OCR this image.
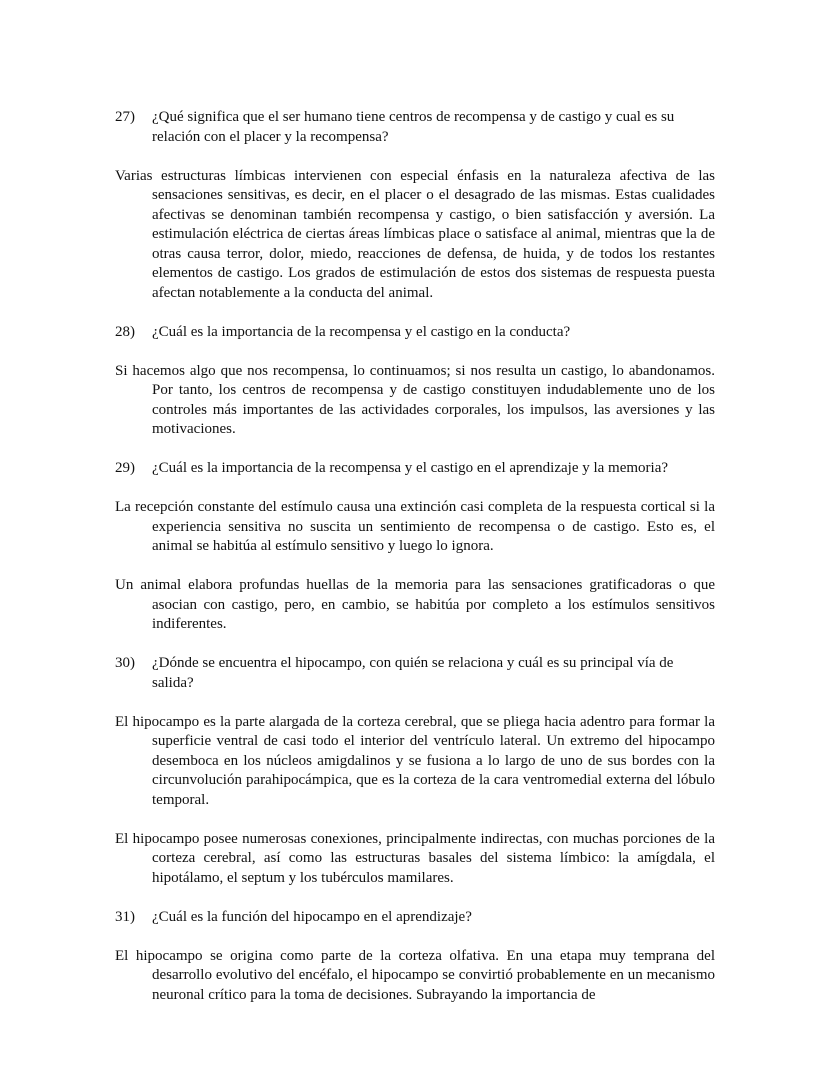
27) ¿Qué significa que el ser humano tiene centros de recompensa y de castigo y cual es su relación con el placer y la recompensa?
Varias estructuras límbicas intervienen con especial énfasis en la naturaleza afectiva de las sensaciones sensitivas, es decir, en el placer o el desagrado de las mismas. Estas cualidades afectivas se denominan también recompensa y castigo, o bien satisfacción y aversión. La estimulación eléctrica de ciertas áreas límbicas place o satisface al animal, mientras que la de otras causa terror, dolor, miedo, reacciones de defensa, de huida, y de todos los restantes elementos de castigo. Los grados de estimulación de estos dos sistemas de respuesta puesta afectan notablemente a la conducta del animal.
28) ¿Cuál es la importancia de la recompensa y el castigo en la conducta?
Si hacemos algo que nos recompensa, lo continuamos; si nos resulta un castigo, lo abandonamos. Por tanto, los centros de recompensa y de castigo constituyen indudablemente uno de los controles más importantes de las actividades corporales, los impulsos, las aversiones y las motivaciones.
29) ¿Cuál es la importancia de la recompensa y el castigo en el aprendizaje y la memoria?
La recepción constante del estímulo causa una extinción casi completa de la respuesta cortical si la experiencia sensitiva no suscita un sentimiento de recompensa o de castigo. Esto es, el animal se habitúa al estímulo sensitivo y luego lo ignora.
Un animal elabora profundas huellas de la memoria para las sensaciones gratificadoras o que asocian con castigo, pero, en cambio, se habitúa por completo a los estímulos sensitivos indiferentes.
30) ¿Dónde se encuentra el hipocampo, con quién se relaciona y cuál es su principal vía de salida?
El hipocampo es la parte alargada de la corteza cerebral, que se pliega hacia adentro para formar la superficie ventral de casi todo el interior del ventrículo lateral. Un extremo del hipocampo desemboca en los núcleos amigdalinos y se fusiona a lo largo de uno de sus bordes con la circunvolución parahipocámpica, que es la corteza de la cara ventromedial externa del lóbulo temporal.
El hipocampo posee numerosas conexiones, principalmente indirectas, con muchas porciones de la corteza cerebral, así como las estructuras basales del sistema límbico: la amígdala, el hipotálamo, el septum y los tubérculos mamilares.
31) ¿Cuál es la función del hipocampo en el aprendizaje?
El hipocampo se origina como parte de la corteza olfativa. En una etapa muy temprana del desarrollo evolutivo del encéfalo, el hipocampo se convirtió probablemente en un mecanismo neuronal crítico para la toma de decisiones. Subrayando la importancia de
